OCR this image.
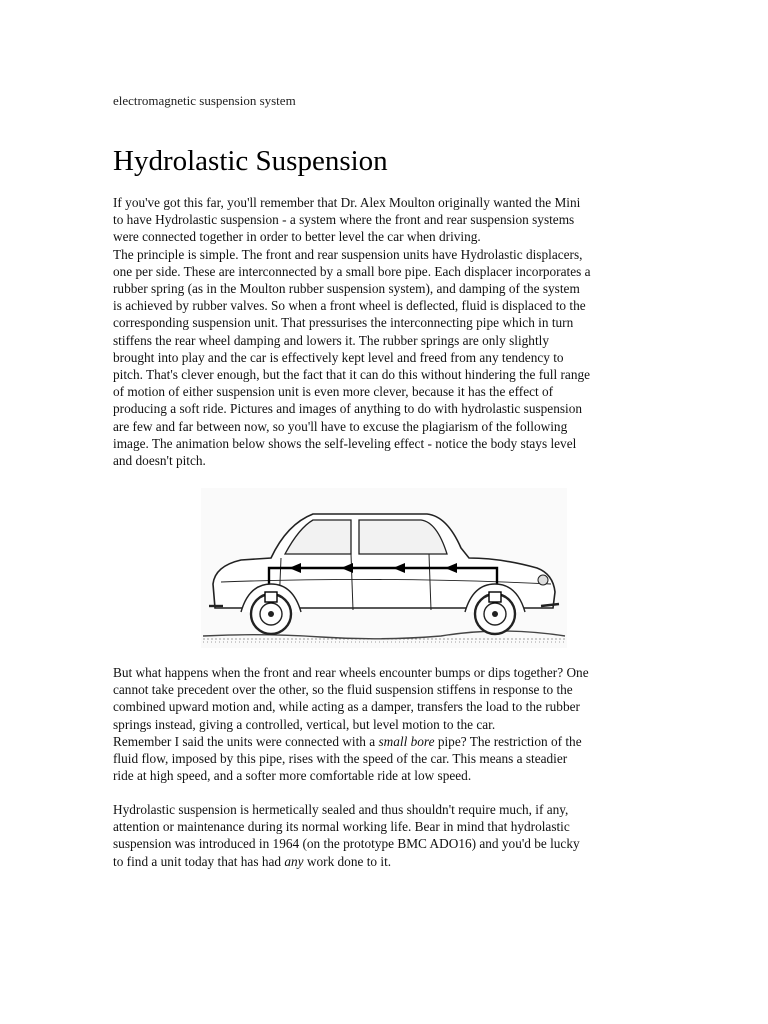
electromagnetic suspension system
Hydrolastic Suspension

If you've got this far, you'll remember that Dr. Alex Moulton originally wanted the Mini
to have Hydrolastic suspension - a system where the front and rear suspension systems
were connected together in order to better level the car when driving.
The principle is simple. The front and rear suspension units have Hydrolastic displacers,
one per side. These are interconnected by a small bore pipe. Each displacer incorporates a
rubber spring (as in the Moulton rubber suspension system), and damping of the system
is achieved by rubber valves. So when a front wheel is deflected, fluid is displaced to the
corresponding suspension unit. That pressurises the interconnecting pipe which in turn
stiffens the rear wheel damping and lowers it. The rubber springs are only slightly
brought into play and the car is effectively kept level and freed from any tendency to
pitch. That's clever enough, but the fact that it can do this without hindering the full range
of motion of either suspension unit is even more clever, because it has the effect of
producing a soft ride. Pictures and images of anything to do with hydrolastic suspension
are few and far between now, so you'll have to excuse the plagiarism of the following
image. The animation below shows the self-leveling effect - notice the body stays level
and doesn't pitch.

But what happens when the front and rear wheels encounter bumps or dips together? One
cannot take precedent over the other, so the fluid suspension stiffens in response to the
combined upward motion and, while acting as a damper, transfers the load to the rubber
springs instead, giving a controlled, vertical, but level motion to the car.
Remember I said the units were connected with a small bore pipe? The restriction of the
fluid flow, imposed by this pipe, rises with the speed of the car. This means a steadier
ride at high speed, and a softer more comfortable ride at low speed.

Hydrolastic suspension is hermetically sealed and thus shouldn't require much, if any,
attention or maintenance during its normal working life. Bear in mind that hydrolastic
suspension was introduced in 1964 (on the prototype BMC ADO16) and you'd be lucky
to find a unit today that has had any work done to it.
